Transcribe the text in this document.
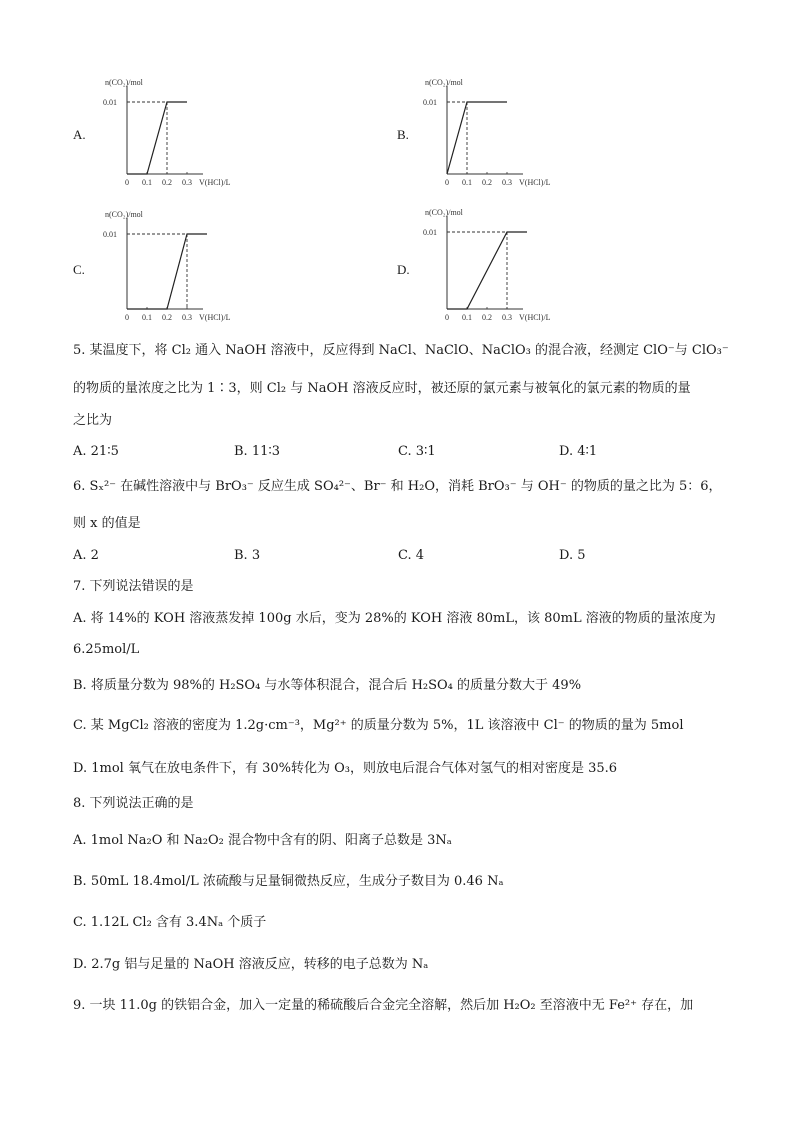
A.
n(CO₂)/mol
0.01
0 0.1 0.2 0.3 V(HCl)/L
B.
n(CO₂)/mol
0.01
0 0.1 0.2 0.3 V(HCl)/L
C.
n(CO₂)/mol
0.01
0 0.1 0.2 0.3 V(HCl)/L
D.
n(CO₂)/mol
0.01
0 0.1 0.2 0.3 V(HCl)/L
5. 某温度下，将 Cl₂ 通入 NaOH 溶液中，反应得到 NaCl、NaClO、NaClO₃ 的混合液，经测定 ClO⁻与 ClO₃⁻
的物质的量浓度之比为 1∶3，则 Cl₂ 与 NaOH 溶液反应时，被还原的氯元素与被氧化的氯元素的物质的量
之比为
A. 21∶5	B. 11∶3	C. 3∶1	D. 4∶1
6. Sₓ²⁻ 在碱性溶液中与 BrO₃⁻ 反应生成 SO₄²⁻、Br⁻ 和 H₂O，消耗 BrO₃⁻ 与 OH⁻ 的物质的量之比为 5：6，
则 x 的值是
A. 2	B. 3	C. 4	D. 5
7. 下列说法错误的是
A. 将 14%的 KOH 溶液蒸发掉 100g 水后，变为 28%的 KOH 溶液 80mL，该 80mL 溶液的物质的量浓度为
6.25mol/L
B. 将质量分数为 98%的 H₂SO₄ 与水等体积混合，混合后 H₂SO₄ 的质量分数大于 49%
C. 某 MgCl₂ 溶液的密度为 1.2g·cm⁻³，Mg²⁺ 的质量分数为 5%，1L 该溶液中 Cl⁻ 的物质的量为 5mol
D. 1mol 氧气在放电条件下，有 30%转化为 O₃，则放电后混合气体对氢气的相对密度是 35.6
8. 下列说法正确的是
A. 1mol Na₂O 和 Na₂O₂ 混合物中含有的阴、阳离子总数是 3Nₐ
B. 50mL 18.4mol/L 浓硫酸与足量铜微热反应，生成分子数目为 0.46 Nₐ
C. 1.12L Cl₂ 含有 3.4Nₐ 个质子
D. 2.7g 铝与足量的 NaOH 溶液反应，转移的电子总数为 Nₐ
9. 一块 11.0g 的铁铝合金，加入一定量的稀硫酸后合金完全溶解，然后加 H₂O₂ 至溶液中无 Fe²⁺ 存在，加
